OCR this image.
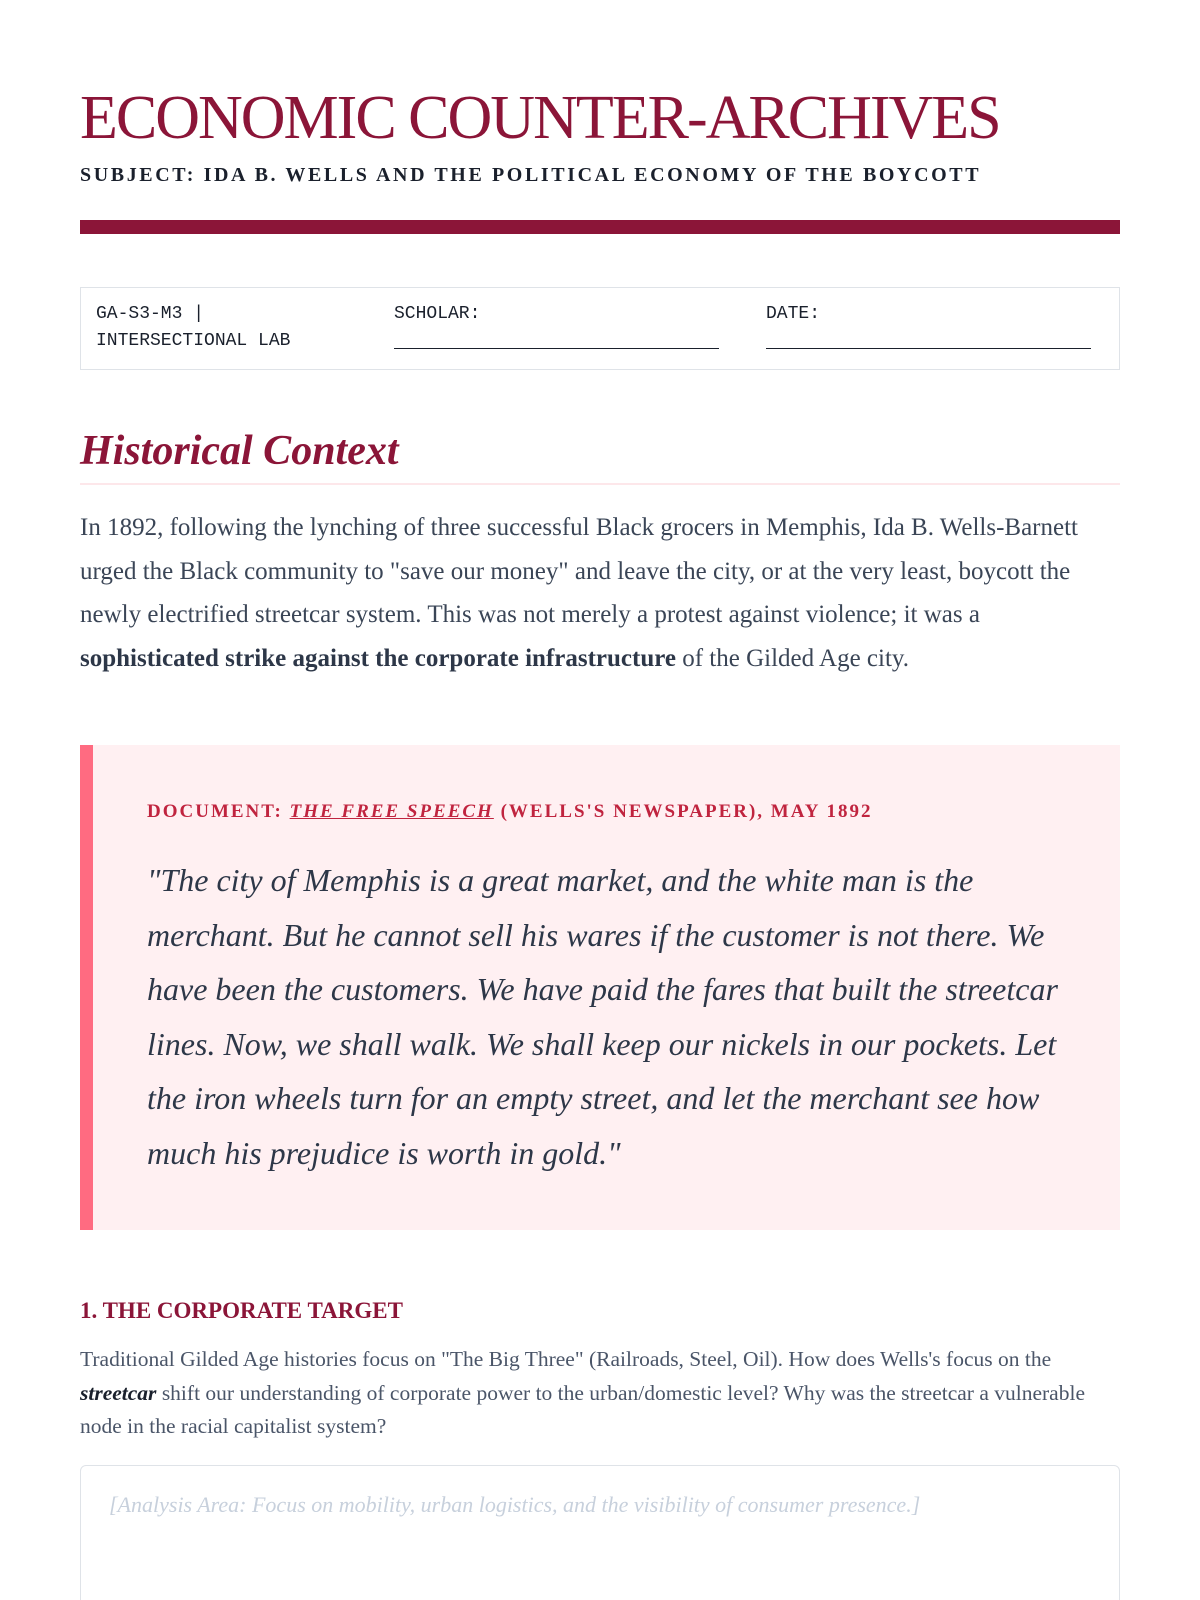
ECONOMIC COUNTER-ARCHIVES
SUBJECT: IDA B. WELLS AND THE POLITICAL ECONOMY OF THE BOYCOTT
GA-S3-M3 |
INTERSECTIONAL LAB
SCHOLAR:	DATE:
Historical Context

In 1892, following the lynching of three successful Black grocers in Memphis, Ida B. Wells-Barnett urged the Black community to "save our money" and leave the city, or at the very least, boycott the newly electrified streetcar system. This was not merely a protest against violence; it was a sophisticated strike against the corporate infrastructure of the Gilded Age city.

DOCUMENT: THE FREE SPEECH (WELLS'S NEWSPAPER), MAY 1892
"The city of Memphis is a great market, and the white man is the merchant. But he cannot sell his wares if the customer is not there. We have been the customers. We have paid the fares that built the streetcar lines. Now, we shall walk. We shall keep our nickels in our pockets. Let the iron wheels turn for an empty street, and let the merchant see how much his prejudice is worth in gold."
1. THE CORPORATE TARGET

Traditional Gilded Age histories focus on "The Big Three" (Railroads, Steel, Oil). How does Wells's focus on the streetcar shift our understanding of corporate power to the urban/domestic level? Why was the streetcar a vulnerable node in the racial capitalist system?

[Analysis Area: Focus on mobility, urban logistics, and the visibility of consumer presence.]
